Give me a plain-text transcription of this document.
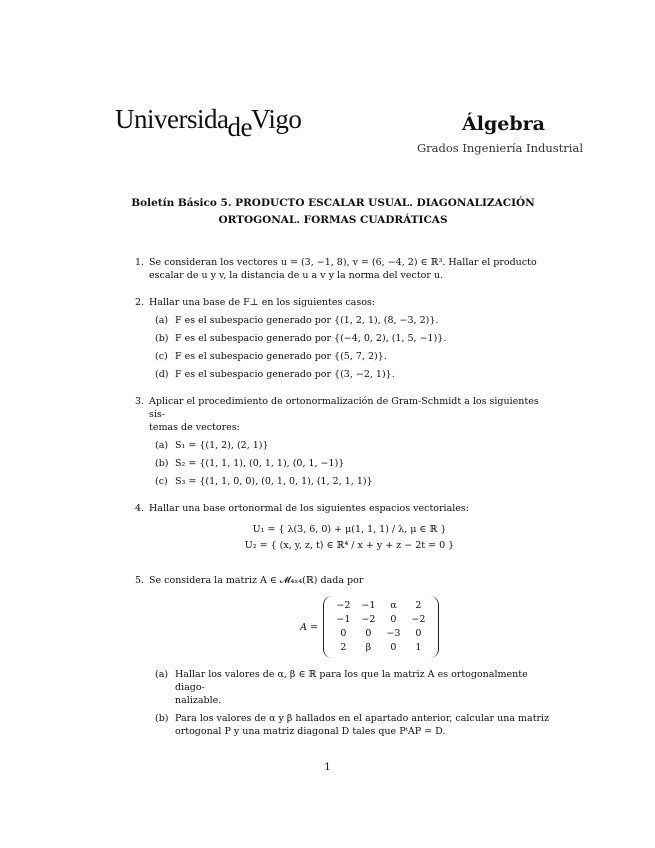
UniversidadeVigo	Álgebra
Grados Ingeniería Industrial
Boletín Básico 5. PRODUCTO ESCALAR USUAL. DIAGONALIZACIÓN
ORTOGONAL. FORMAS CUADRÁTICAS
1. Se consideran los vectores u = (3, −1, 8), v = (6, −4, 2) ∈ ℝ³. Hallar el producto
escalar de u y v, la distancia de u a v y la norma del vector u.
2. Hallar una base de F⊥ en los siguientes casos:
(a) F es el subespacio generado por {(1, 2, 1), (8, −3, 2)}.
(b) F es el subespacio generado por {(−4, 0, 2), (1, 5, −1)}.
(c) F es el subespacio generado por {(5, 7, 2)}.
(d) F es el subespacio generado por {(3, −2, 1)}.
3. Aplicar el procedimiento de ortonormalización de Gram-Schmidt a los siguientes sis-
temas de vectores:
(a) S₁ = {(1, 2), (2, 1)}
(b) S₂ = {(1, 1, 1), (0, 1, 1), (0, 1, −1)}
(c) S₃ = {(1, 1, 0, 0), (0, 1, 0, 1), (1, 2, 1, 1)}
4. Hallar una base ortonormal de los siguientes espacios vectoriales:
U₁ = { λ(3, 6, 0) + μ(1, 1, 1) / λ, μ ∈ ℝ }
U₂ = { (x, y, z, t) ∈ ℝ⁴ / x + y + z − 2t = 0 }
5. Se considera la matriz A ∈ 𝓜₄ₓ₄(ℝ) dada por
A =
−2	−1	α	2
−1	−2	0	−2
0	0	−3	0
2	β	0	1
(a) Hallar los valores de α, β ∈ ℝ para los que la matriz A es ortogonalmente diago-
nalizable.
(b) Para los valores de α y β hallados en el apartado anterior, calcular una matriz
ortogonal P y una matriz diagonal D tales que PᵗAP = D.
1
